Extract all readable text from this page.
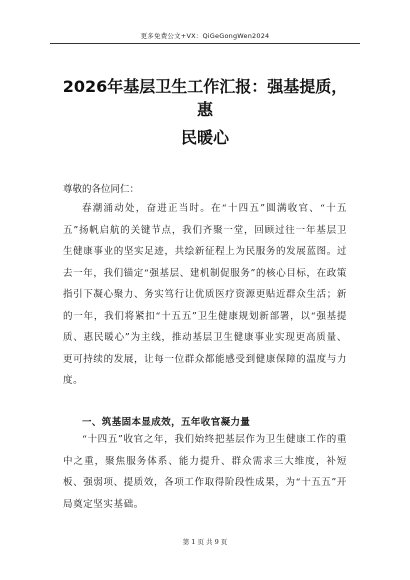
更多免费公文+VX：QiGeGongWen2024
2026年基层卫生工作汇报：强基提质，惠
民暖心
尊敬的各位同仁：

春潮涌动处，奋进正当时。在“十四五”圆满收官、“十五五”扬帆启航的关键节点，我们齐聚一堂，回顾过往一年基层卫生健康事业的坚实足迹，共绘新征程上为民服务的发展蓝图。过去一年，我们锚定“强基层、建机制促服务”的核心目标，在政策指引下凝心聚力、务实笃行让优质医疗资源更贴近群众生活；新的一年，我们将紧扣“十五五”卫生健康规划新部署，以“强基提质、惠民暖心”为主线，推动基层卫生健康事业实现更高质量、更可持续的发展，让每一位群众都能感受到健康保障的温度与力度。

一、筑基固本显成效，五年收官凝力量

“十四五”收官之年，我们始终把基层作为卫生健康工作的重中之重，聚焦服务体系、能力提升、群众需求三大维度，补短板、强弱项、提质效，各项工作取得阶段性成果，为“十五五”开局奠定坚实基础。

第 1 页 共 9 页
